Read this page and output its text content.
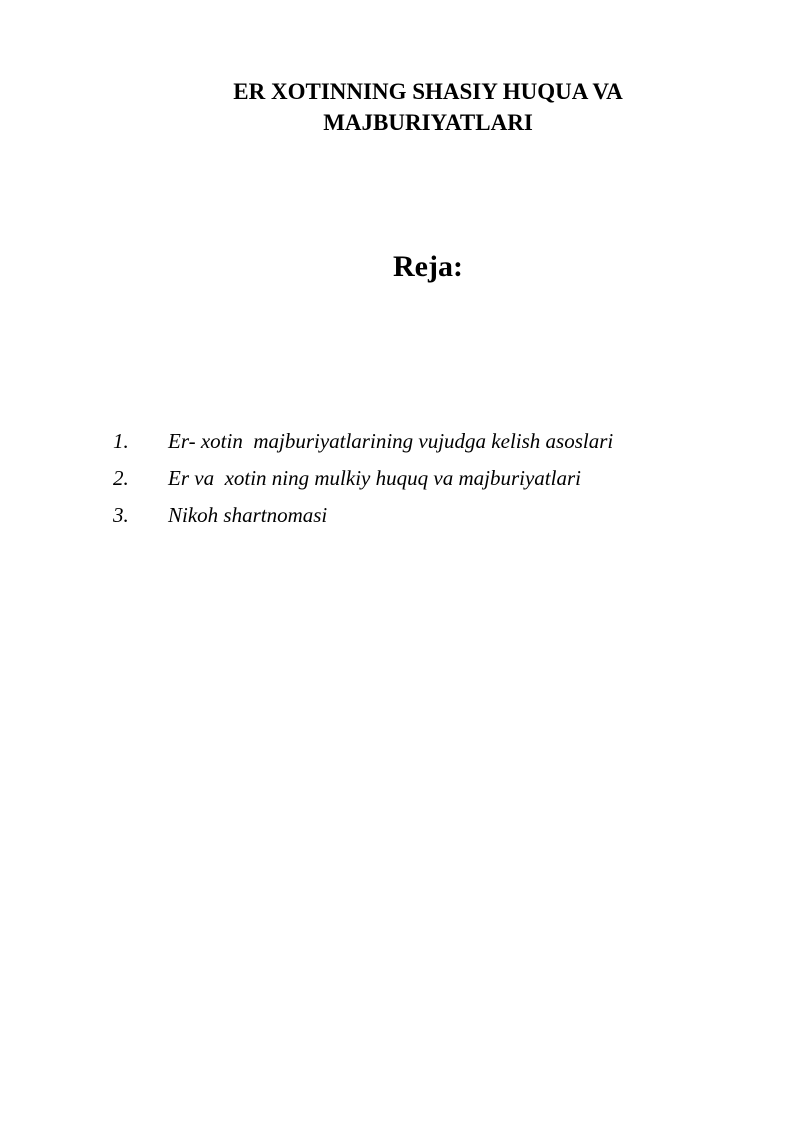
ER XOTINNING SHASIY HUQUA VA
MAJBURIYATLARI
Reja:
1.	Er- xotin  majburiyatlarining vujudga kelish asoslari
2.	Er va  xotin ning mulkiy huquq va majburiyatlari
3.	Nikoh shartnomasi
